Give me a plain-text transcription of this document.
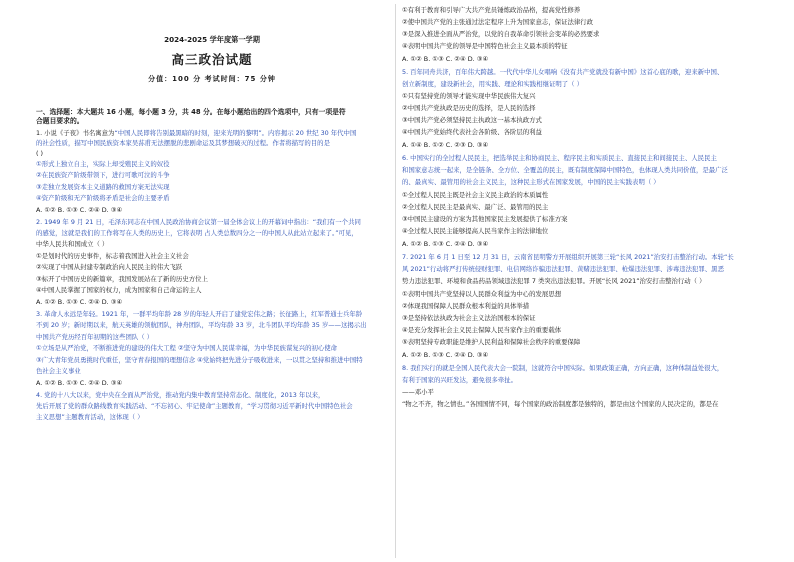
2024-2025 学年度第一学期
高三政治试题
分值：100 分 考试时间：75 分钟
一、选择题：本大题共 16 小题，每小题 3 分，共 48 分。在每小题给出的四个选项中，只有一项是符
合题目要求的。
1. 小说《子夜》书名寓意为“中国人民即将告别最黑暗的时刻，迎来光明的黎明”。内容揭示 20 世纪 30 年代中国
的社会性质，描写中国民族资本家吴荪甫无法摆脱的悲剧命运及其梦想破灭的过程。作者将描写的目的是
( )
①形式上独立自主，实际上却受殖民主义的奴役
②在民族资产阶级带领下，进行可歌可泣的斗争
③走独立发展资本主义道路的救国方案无法实现
④资产阶级和无产阶级将矛盾是社会的主要矛盾
A. ①② B. ①③ C. ②④ D. ③④
2. 1949 年 9 月 21 日，毛泽东同志在中国人民政治协商会议第一届全体会议上的开幕词中指出：“我们有一个共同
的感觉，这就是我们的工作将写在人类的历史上，它将表明 占人类总数四分之一的中国人从此站立起来了。”可见，
中华人民共和国成立（ ）
①是划时代的历史事件，标志着我国进入社会主义社会
②实现了中国从封建专制政治向人民民主的伟大飞跃
③标开了中国历史的新篇章，我国发展站在了新的历史方位上
④中国人民掌握了国家的权力，成为国家和自己命运的主人
A. ①② B. ①③ C. ②④ D. ③④
3. 革命人永远是年轻。1921 年，一群平均年龄 28 岁的年轻人开启了建党宏伟之路；长征路上，红军普通士兵年龄
不到 20 岁；新时期以来，航天英雄的领航团队，神舟团队，平均年龄 33 岁，北斗团队平均年龄 35 岁——这揭示出
中国共产党历经百年初期的这些团队（ ）
①立场是从严治党，不断推进党的建设的伟大工程 ②坚守为中国人民谋幸福，为中华民族谋复兴的初心使命
③广大青年党员勇挑时代重任，坚守青春报国的理想信念 ④党始终把先进分子吸收进来，一以贯之坚持和推进中国特
色社会主义事业
A. ①② B. ①③ C. ②④ D. ③④
4. 党的十八大以来，党中央在全面从严治党，推动党内集中教育坚持常态化、制度化，2013 年以来，
先后开展了党的群众路线教育实践活动、“不忘初心、牢记使命”主题教育，“学习贯彻习近平新时代中国特色社会
主义思想”主题教育活动，这体现（ ）
①有利于教育和引导广大共产党员锤炼政治品格，提高党性修养
②使中国共产党的主张通过法定程序上升为国家意志，保证法律行政
③是深入推进全面从严治党，以党的自我革命引领社会变革的必然要求
④表明中国共产党的领导是中国特色社会主义最本质的特征
A. ①② B. ①③ C. ②④ D. ③④
5. 百年同舟共济，百年伟大跨越。一代代中华儿女唱响《没有共产党就没有新中国》这首心底的歌，迎来新中国、
创立新制度，建设新社会，用实践、理论和实践相继证明了（ ）
①只有坚持党的领导才能实现中华民族伟大复兴
②中国共产党执政是历史的选择，是人民的选择
③中国共产党必须坚持民主执政这一基本执政方式
④中国共产党始终代表社会各阶级、各阶层的利益
A. ①④ B. ①② C. ②③ D. ③④
6. 中国实行的全过程人民民主，把选举民主和协商民主、程序民主和实质民主、直接民主和间接民主、人民民主
和国家意志统一起来，是全链条、全方位、全覆盖的民主，既有制度保障中国特色，也体现人类共同价值，是最广泛
的、最真实、最管用的社会主义民主，这种民主形式在国家发展，中国的民主实践表明（ ）
①全过程人民民主既是社会主义民主政治的本质属性
②全过程人民民主是最真实、最广泛、最管用的民主
③中国民主建设的方案为其他国家民主发展提供了标准方案
④全过程人民民主能够提高人民当家作主的法律地位
A. ①② B. ①③ C. ②④ D. ③④
7. 2021 年 6 月 1 日至 12 月 31 日，云南省昆明警方开展组织开展第三轮“长风 2021”治安打击整治行动。本轮“长
风 2021”行动将严打传统侵财犯罪、电信网络诈骗违法犯罪、黄赌违法犯罪、枪爆违法犯罪、涉毒违法犯罪、黑恶
势力违法犯罪、环境和食品药品领域违法犯罪 7 类突出违法犯罪。开展“长风 2021”治安打击整治行动（ ）
①表明中国共产党坚持以人民群众利益为中心的发展思想
②体现我国保障人民群众根本利益的具体举措
③是坚持依法执政为社会主义法治国根本的保证
④是充分发挥社会主义民主保障人民当家作主的重要载体
⑤表明坚持专政职能是维护人民利益和保障社会秩序的重要保障
A. ①② B. ①③ C. ②④ D. ③④
8. 我们实行的就是全国人民代表大会一院制，这就符合中国实际。如果政策正确，方向正确，这种体制益处很大，
有利于国家的兴旺发达，避免很多牵扯。
——邓小平
“物之不齐，物之情也。”各国国情不同，每个国家的政治制度都是独特的，都是由这个国家的人民决定的，都是在
